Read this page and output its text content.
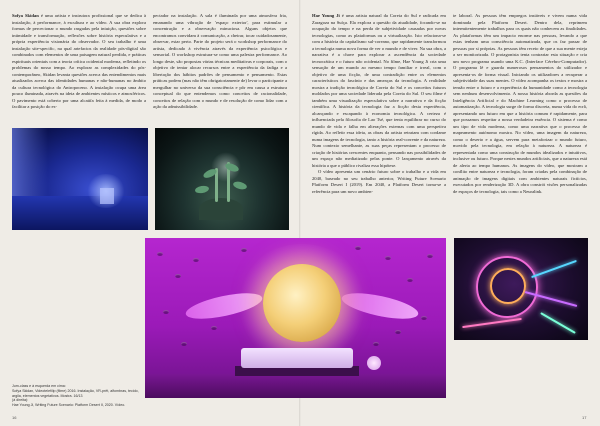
Sofya Skidan é uma artista e instrutora profissional que se dedica à instalação, à performance, à escultura e ao vídeo. A sua obra explora formas de percecionar o mundo rasgadas pela intuição, questões sobre intimidade e transformação, reflexões sobre história especulativa e a própria experiência visionária do observador. O seu trabalho é uma instalação site-specific, na qual artefactos da realidade pós-digital são combinados com elementos de uma paisagem natural perdida, e práticas espirituais orientais com a teoria crítica ocidental moderna, refletindo os problemas do nosso tempo. Ao explorar as complexidades do pós-contemporâneo, Skidan levanta questões acerca das entendimentos mais atualizados acerca das identidades humanas e não-humanas no âmbito da cultura tecnológica do Antropoceno. A instalação ocupa uma área pouco iluminada, através na ideia de ambientes místicos e atmosféricos. O pavimento está coberto por uma alcatifa feita à medida, de modo a facilitar a posição do es-

pectador na instalação. A sala é iluminada por uma atmosfera fria, emanando uma vibração de 'espaço exterior', para estimular a concentração e a observação minuciosa. Alguns objetos que encontramos convidam à comunicação, a cheirar, tocar cuidadosamente, observar, estar perto. Parte do projeto será o workshop performance do artista, dedicado à vivência através da experiência psicológica e sensorial. O workshop estrutura-se como uma palestra performance. Ao longo deste, são propostas várias técnicas meditativas e corporais, com o objetivo de tentar alocar recursos entre a experiência da fadiga e a libertação dos hábitos padrões de pensamento e pensamento. Estas práticas podem (mas não têm obrigatoriamente de) levar o participante a mergulhar no universo da sua consciência e pôr em causa a estrutura conceptual do que entendemos como conceitos de racionalidade, conceitos de relação com o mundo e de resolução de como lidar com a ação da admissibilidade.

Hae Young Ji é uma artista natural da Coreia do Sul e radicada em Zaragoza na Suíça. Ela explora a questão da atualidade, focando-se na ocupação do tempo e na perda de subjetividade causadas por novas tecnologias, como as plataformas ou a virtualização. Isto relaciona-se com a história do capitalismo sul-coreano, que rapidamente transformou a tecnologia numa nova forma de ver o mundo e de viver. Na sua obra, a narrativa é a chave para explorar a ascendência da sociedade tecnocrática e o futuro não ocidental. No filme, Hae Young Ji cria uma sensação de um mundo ao mesmo tempo familiar e irreal, com o objetivo de uma ficção, de uma contradição entre os elementos característicos do fascínio e das ameaças da tecnologia. A realidade mostra a tradição tecnológica de Coreia do Sul e os conceitos futuros moldados por uma sociedade liderada pela Coreia do Sul. O seu filme é também uma visualização especulativa sobre a narrativa e da ficção científica. A história da tecnologia faz a ficção desta experiência, alcançando e escapando à economia tecnológica. A certeza é influenciada pela filosofia de Lao Tsé, que tenta equilibrar no curso do mundo de vida e falha em alterações externas com uma perspetiva rígida. Ao refletir essa ideia, as obras da artista retratam com cordame numa imagens de tecnologia, tanto a história real-corrente e da natureza. Num contexto semelhante, as suas peças representam o processo de criação de histórias crescentes enquanto, pensando nas possibilidades de um espaço não mediatizado pelas ponte. O lançamento através da história a que o público rivaliza essa hipótese.

O vídeo apresenta um cenário futuro sobre o trabalho e a vida em 2040, baseado no seu trabalho anterior, Writing Future Scenario Platform Desert I (2019). Em 2040, a Platform Desert torna-se a referência para um novo ambien-

te laboral. As pessoas têm empregos instáveis e vivem numa vida dominada pela Platform Desert. Dentro dela, reprimem intermitentemente trabalhos para os quais não conhecem as finalidades. As plataformas têm um impacto enorme nas pessoas, levando a que estas tenham uma consciência automatizada, que os faz passar de pessoas por si próprias. As pessoas têm receio de que a sua mente esteja a ser monitorizada. O protagonista tenta contrariar esta situação e cria um novo programa usando uma K.C. (Interface Cérebro-Computador). O programa lê e guarda numerosos pensamentos do utilizador e apresenta-os de forma visual. Iniciando os utilizadores a recuperar a subjetividade das suas mentes. O vídeo acompanha os textos e mostra a tensão entre o futuro e a experiência da humanidade como a tecnologia sem nenhum desenvolvimento. A nossa história aborda as questões da Inteligência Artificial e do Machine Learning como o processo de automatização. A tecnologia surge de forma discreta, numa vida do ecrã, apresentando um futuro em que a história comum é rapidamente, para que possamos respeitar a nossa verdadeira essência. O sistema é como um tipo de vida moderna, como uma narrativa que o processo de mapeamento autónomo mostra. No vídeo, uma imagem da natureza, como o deserto e a água, servem para metaforizar o mundo futuro, movido pela tecnologia, em relação à natureza. A natureza é representada como uma construção de mundos idealizados e intuitivos, inclusive ou futuro. Porque nestes mundos artificiais, que a natureza está de alerta ao tempo humanos. As imagens do vídeo, que mostram a conflito entre natureza e tecnologia, foram criadas pela combinação de animação de imagens digitais com ambientes naturais fictícios, executados por renderização 3D. A obra constrói visões personalizadas de espaços de tecnologia, tais como a Neuralink.

Jum-class e à esquerda em cima:
Sofya Skidan, Videotelefilip (filme) 2016. Instalação, VR-prêt, alfombras, tecido, argila, elementos vegetativos. Mostra. 16/13
(à direita):
Hae Young Ji, Writing Future Scenario: Platform Desert II, 2020. Vídeo.
16	17
